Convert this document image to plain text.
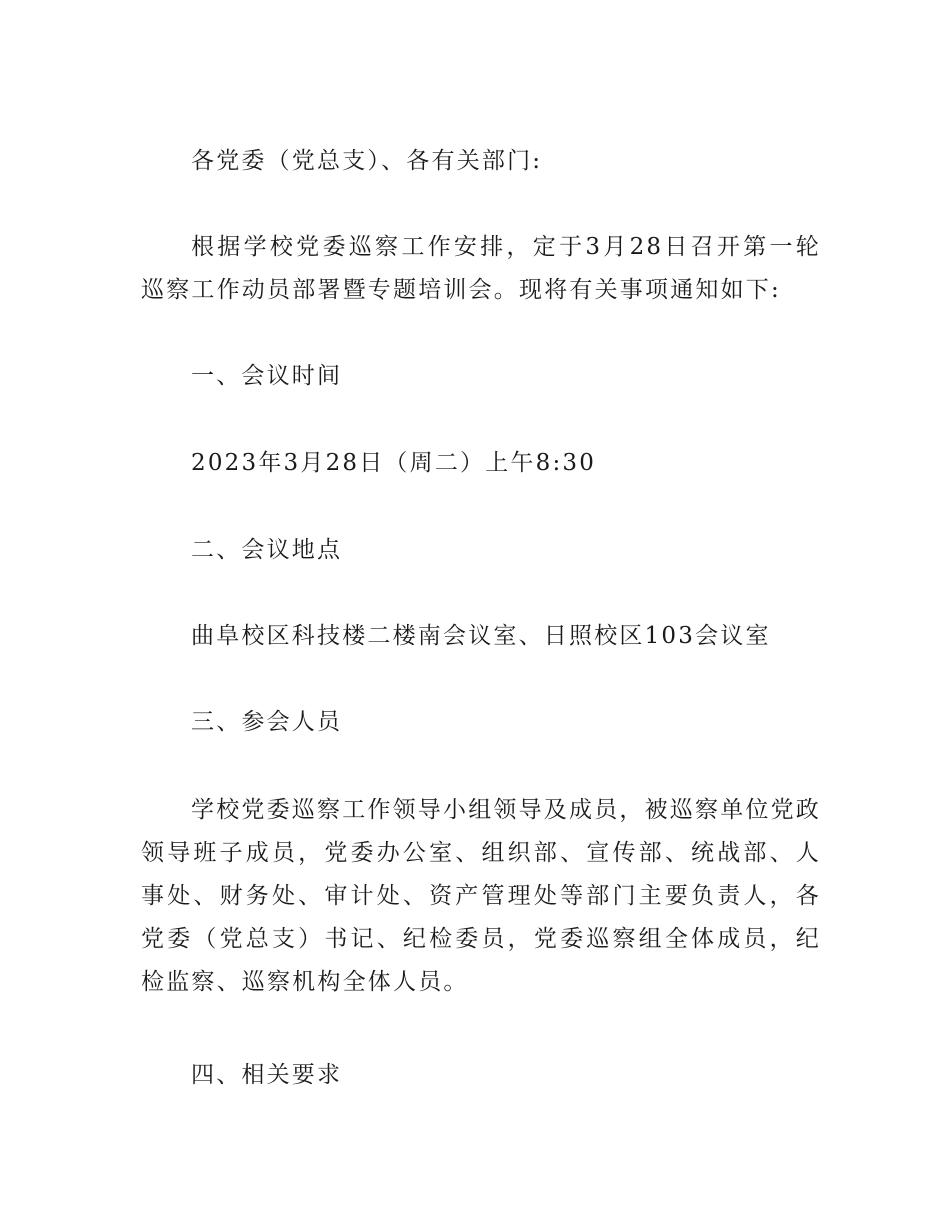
各党委（党总支）、各有关部门:

根据学校党委巡察工作安排，定于3月28日召开第一轮巡察工作动员部署暨专题培训会。现将有关事项通知如下:

一、会议时间

2023年3月28日（周二）上午8:30

二、会议地点

曲阜校区科技楼二楼南会议室、日照校区103会议室

三、参会人员

学校党委巡察工作领导小组领导及成员，被巡察单位党政领导班子成员，党委办公室、组织部、宣传部、统战部、人事处、财务处、审计处、资产管理处等部门主要负责人，各党委（党总支）书记、纪检委员，党委巡察组全体成员，纪检监察、巡察机构全体人员。

四、相关要求
